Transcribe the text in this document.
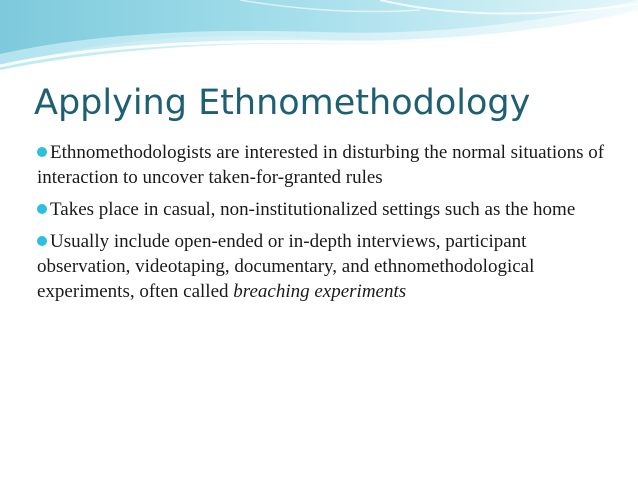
Applying Ethnomethodology
Ethnomethodologists are interested in disturbing the normal situations of interaction to uncover taken-for-granted rules
Takes place in casual, non-institutionalized settings such as the home
Usually include open-ended or in-depth interviews, participant observation, videotaping, documentary, and ethnomethodological experiments, often called breaching experiments
